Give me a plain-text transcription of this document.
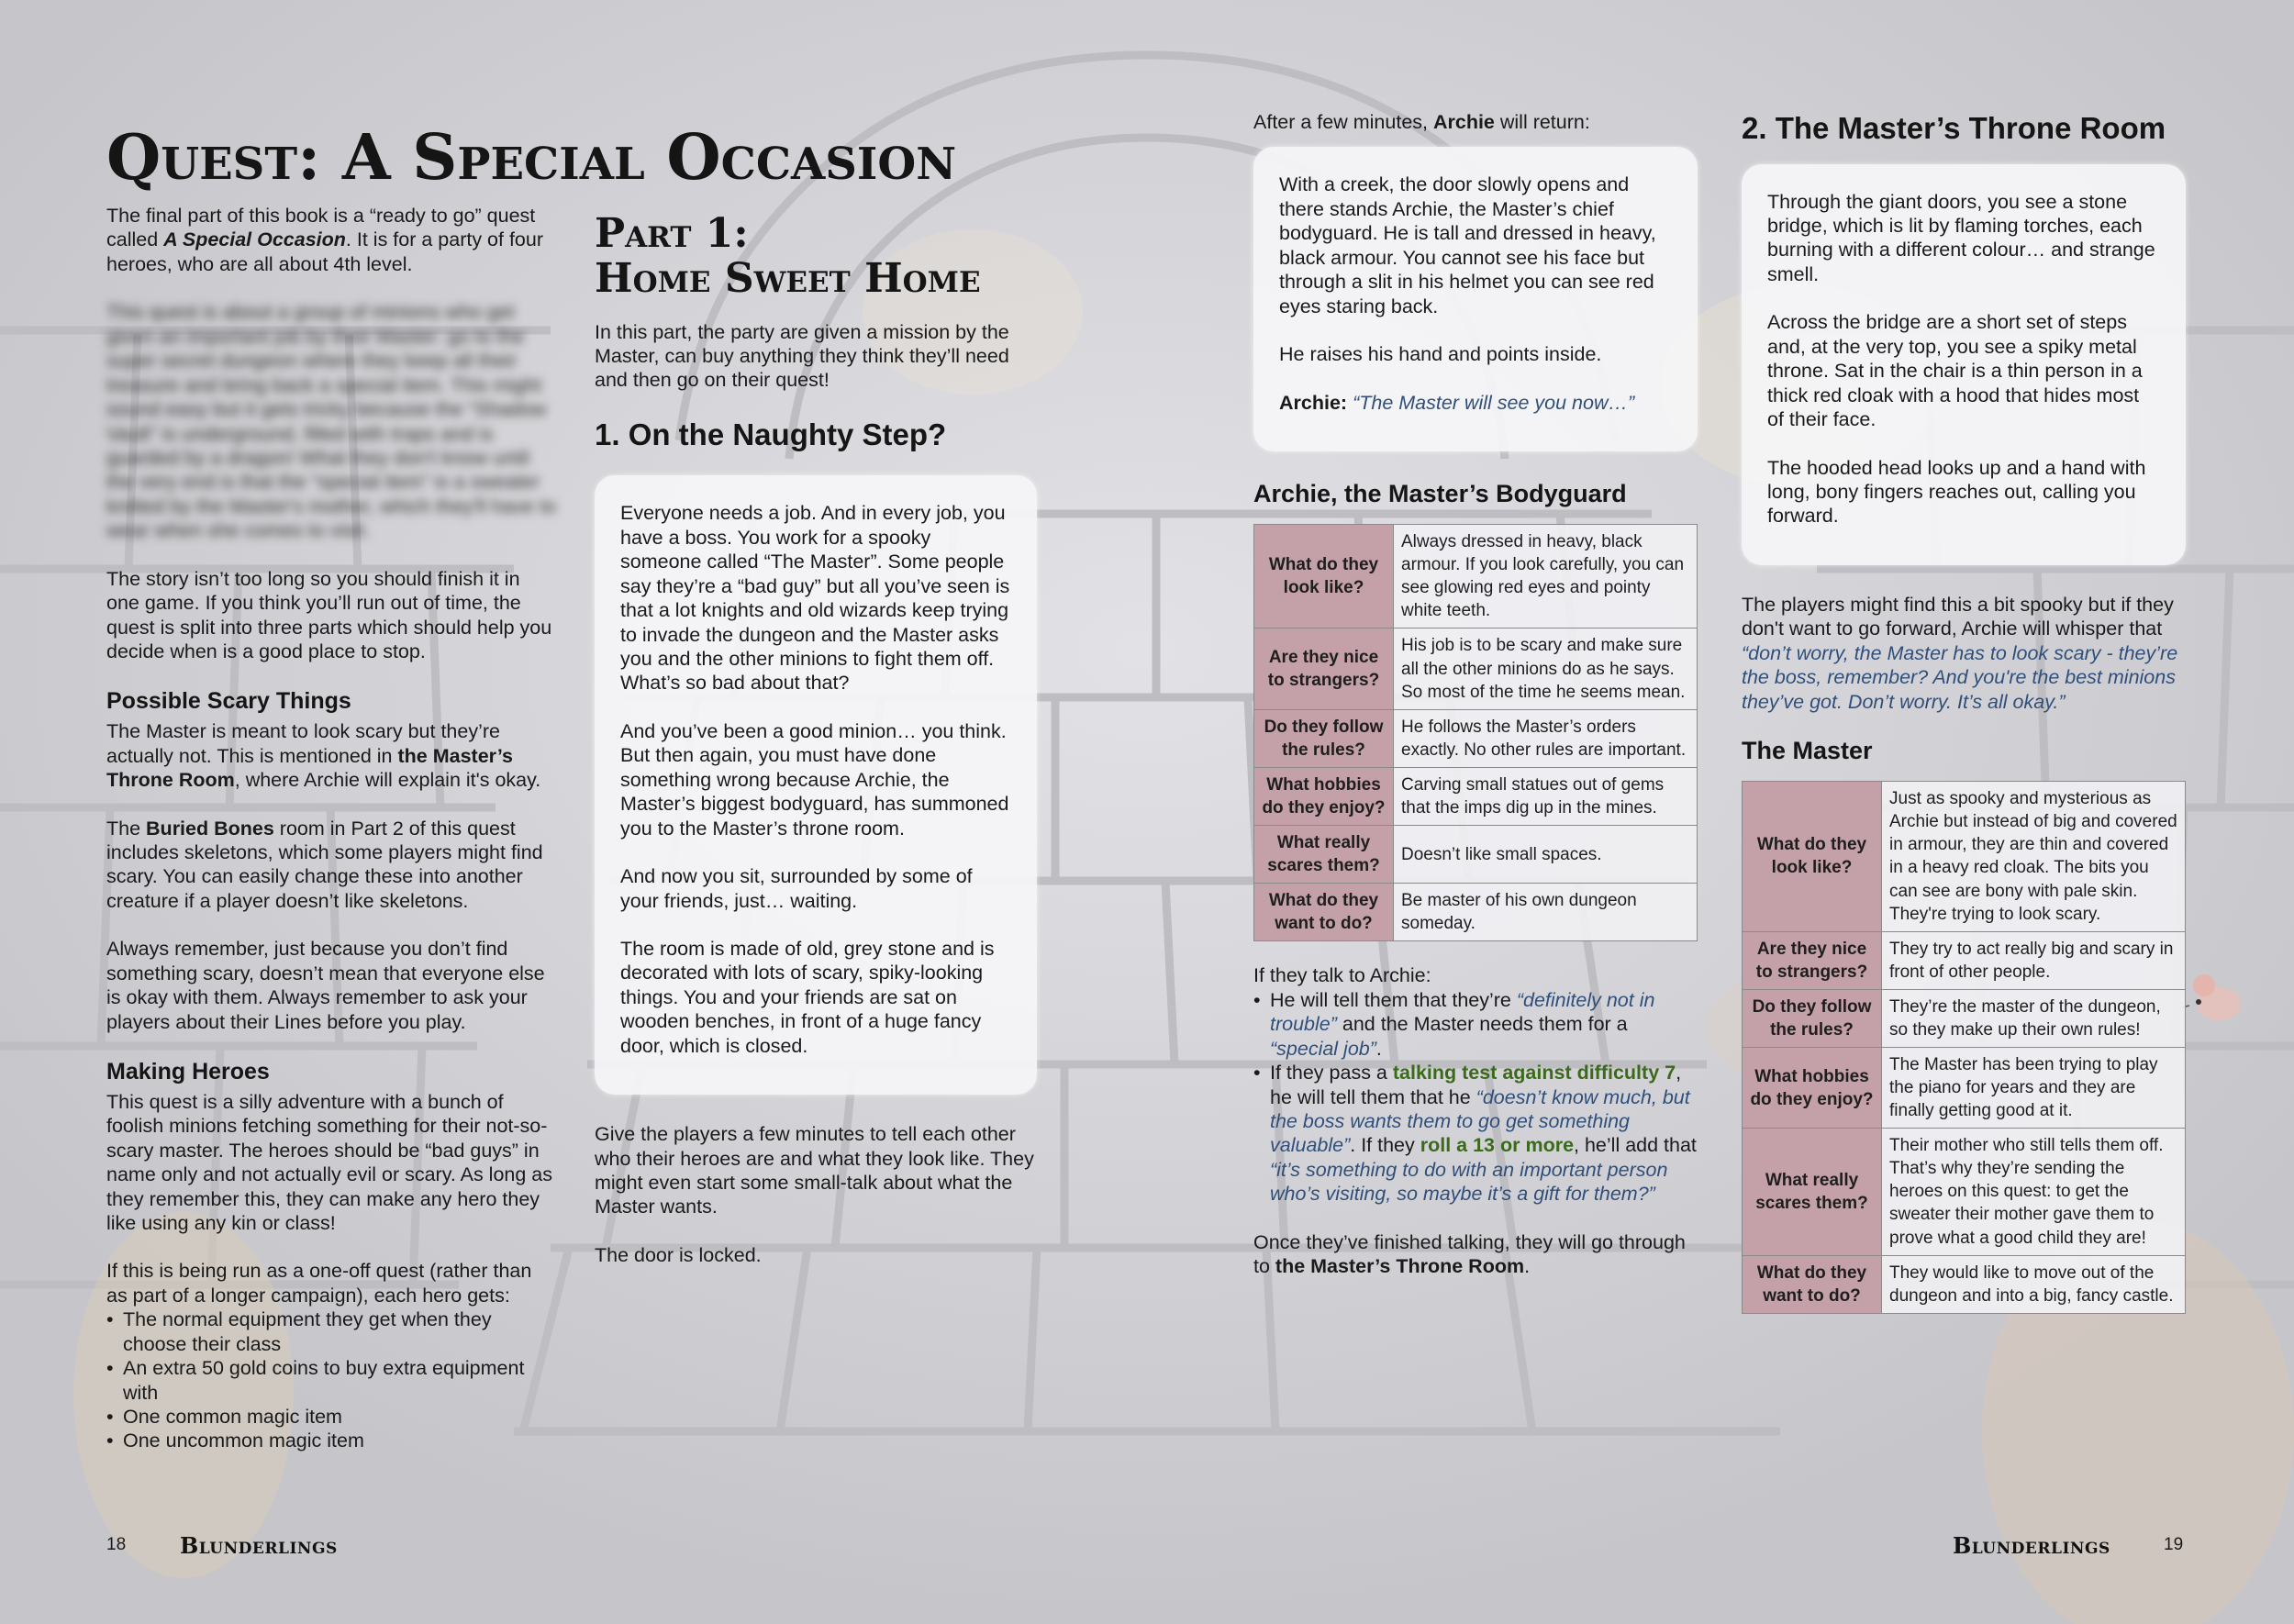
Quest: A Special Occasion

The final part of this book is a “ready to go” quest called A Special Occasion. It is for a party of four heroes, who are all about 4th level.

This quest is about a group of minions who get given an important job by their Master: go to the super secret dungeon where they keep all their treasure and bring back a special item. This might sound easy but it gets tricky because the “Shadow Vault” is underground, filled with traps and is guarded by a dragon! What they don't know until the very end is that the “special item” is a sweater knitted by the Master's mother, which they'll have to wear when she comes to visit.

The story isn’t too long so you should finish it in one game. If you think you’ll run out of time, the quest is split into three parts which should help you decide when is a good place to stop.

Possible Scary Things

The Master is meant to look scary but they’re actually not. This is mentioned in the Master’s Throne Room, where Archie will explain it's okay.

The Buried Bones room in Part 2 of this quest includes skeletons, which some players might find scary. You can easily change these into another creature if a player doesn’t like skeletons.

Always remember, just because you don’t find something scary, doesn’t mean that everyone else is okay with them. Always remember to ask your players about their Lines before you play.

Making Heroes

This quest is a silly adventure with a bunch of foolish minions fetching something for their not-so-scary master. The heroes should be “bad guys” in name only and not actually evil or scary. As long as they remember this, they can make any hero they like using any kin or class!

If this is being run as a one-off quest (rather than as part of a longer campaign), each hero gets:

• The normal equipment they get when they choose their class
• An extra 50 gold coins to buy extra equipment with
• One common magic item
• One uncommon magic item
Part 1:
Home Sweet Home

In this part, the party are given a mission by the Master, can buy anything they think they’ll need and then go on their quest!

1. On the Naughty Step?

Everyone needs a job. And in every job, you have a boss. You work for a spooky someone called “The Master”. Some people say they’re a “bad guy” but all you’ve seen is that a lot knights and old wizards keep trying to invade the dungeon and the Master asks you and the other minions to fight them off. What’s so bad about that?

And you’ve been a good minion… you think. But then again, you must have done something wrong because Archie, the Master’s biggest bodyguard, has summoned you to the Master’s throne room.

And now you sit, surrounded by some of your friends, just… waiting.

The room is made of old, grey stone and is decorated with lots of scary, spiky-looking things. You and your friends are sat on wooden benches, in front of a huge fancy door, which is closed.

Give the players a few minutes to tell each other who their heroes are and what they look like. They might even start some small-talk about what the Master wants.

The door is locked.

18 Blunderlings

After a few minutes, Archie will return:

With a creek, the door slowly opens and there stands Archie, the Master’s chief bodyguard. He is tall and dressed in heavy, black armour. You cannot see his face but through a slit in his helmet you can see red eyes staring back.

He raises his hand and points inside.

Archie: “The Master will see you now…”

Archie, the Master’s Bodyguard
What do they look like?	Always dressed in heavy, black armour. If you look carefully, you can see glowing red eyes and pointy white teeth.
Are they nice to strangers?	His job is to be scary and make sure all the other minions do as he says. So most of the time he seems mean.
Do they follow the rules?	He follows the Master’s orders exactly. No other rules are important.
What hobbies do they enjoy?	Carving small statues out of gems that the imps dig up in the mines.
What really scares them?	Doesn’t like small spaces.
What do they want to do?	Be master of his own dungeon someday.

If they talk to Archie:

• He will tell them that they’re “definitely not in trouble” and the Master needs them for a “special job”.
• If they pass a talking test against difficulty 7, he will tell them that he “doesn’t know much, but the boss wants them to go get something valuable”. If they roll a 13 or more, he’ll add that “it’s something to do with an important person who’s visiting, so maybe it’s a gift for them?”

Once they’ve finished talking, they will go through to the Master’s Throne Room.

2. The Master’s Throne Room

Through the giant doors, you see a stone bridge, which is lit by flaming torches, each burning with a different colour… and strange smell.

Across the bridge are a short set of steps and, at the very top, you see a spiky metal throne. Sat in the chair is a thin person in a thick red cloak with a hood that hides most of their face.

The hooded head looks up and a hand with long, bony fingers reaches out, calling you forward.

The players might find this a bit spooky but if they don't want to go forward, Archie will whisper that “don’t worry, the Master has to look scary - they’re the boss, remember? And you're the best minions they’ve got. Don’t worry. It’s all okay.”

The Master
What do they look like?	Just as spooky and mysterious as Archie but instead of big and covered in armour, they are thin and covered in a heavy red cloak. The bits you can see are bony with pale skin. They're trying to look scary.
Are they nice to strangers?	They try to act really big and scary in front of other people.
Do they follow the rules?	They’re the master of the dungeon, so they make up their own rules!
What hobbies do they enjoy?	The Master has been trying to play the piano for years and they are finally getting good at it.
What really scares them?	Their mother who still tells them off. That’s why they’re sending the heroes on this quest: to get the sweater their mother gave them to prove what a good child they are!
What do they want to do?	They would like to move out of the dungeon and into a big, fancy castle.
Blunderlings	19
